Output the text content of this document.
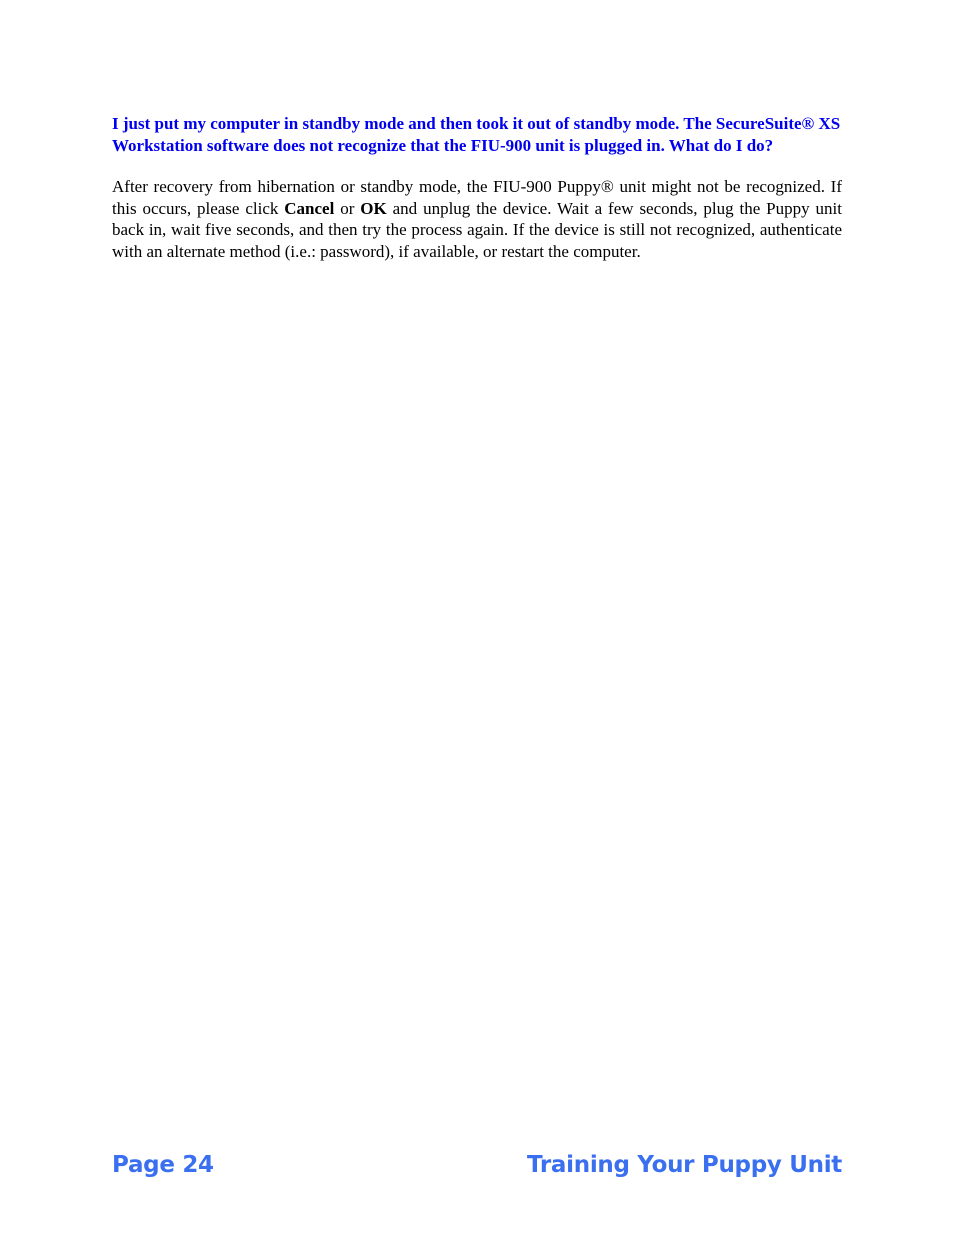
I just put my computer in standby mode and then took it out of standby mode. The SecureSuite® XS Workstation software does not recognize that the FIU-900 unit is plugged in. What do I do?

After recovery from hibernation or standby mode, the FIU-900 Puppy® unit might not be recognized. If this occurs, please click Cancel or OK and unplug the device. Wait a few seconds, plug the Puppy unit back in, wait five seconds, and then try the process again. If the device is still not recognized, authenticate with an alternate method (i.e.: password), if available, or restart the computer.

Page 24	Training Your Puppy Unit
